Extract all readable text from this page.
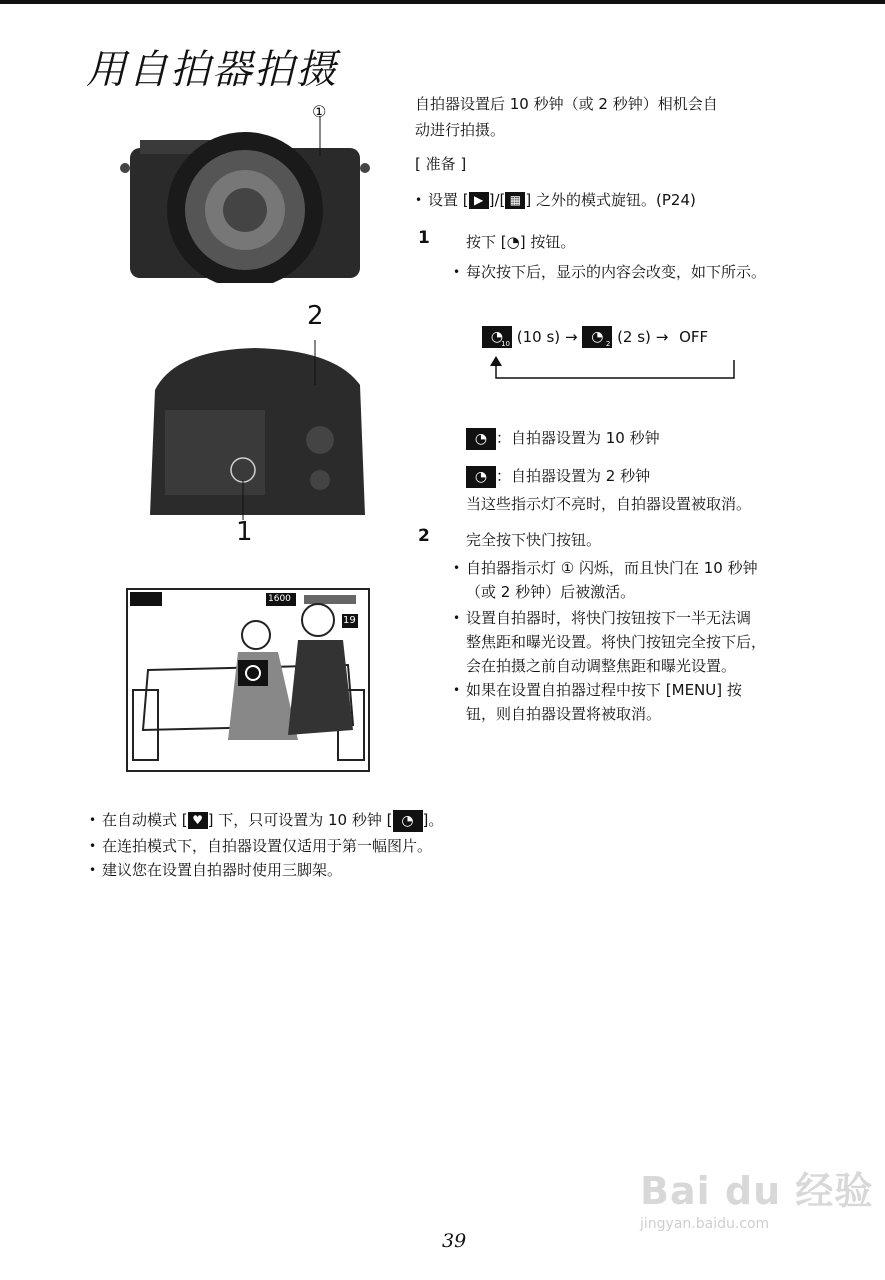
用自拍器拍摄
①
2
1
1600
19
自拍器设置后 10 秒钟（或 2 秒钟）相机会自
动进行拍摄。
[ 准备 ]
• 设置 [ ▶ ]/[ ▦ ] 之外的模式旋钮。(P24)
1 按下 [◔] 按钮。
• 每次按下后，显示的内容会改变，如下所示。
◔
10 (10 s) → ◔ 2 (2 s) → OFF
◔ ：自拍器设置为 10 秒钟
◔ ：自拍器设置为 2 秒钟
当这些指示灯不亮时，自拍器设置被取消。
2 完全按下快门按钮。
• 自拍器指示灯 ① 闪烁，而且快门在 10 秒钟
（或 2 秒钟）后被激活。
• 设置自拍器时，将快门按钮按下一半无法调
整焦距和曝光设置。将快门按钮完全按下后，
会在拍摄之前自动调整焦距和曝光设置。
• 如果在设置自拍器过程中按下 [MENU] 按
钮，则自拍器设置将被取消。
• 在自动模式 [ ♥ ] 下，只可设置为 10 秒钟 [ ◔ ]。
• 在连拍模式下，自拍器设置仅适用于第一幅图片。
• 建议您在设置自拍器时使用三脚架。
Bai du 经验
jingyan.baidu.com
39
